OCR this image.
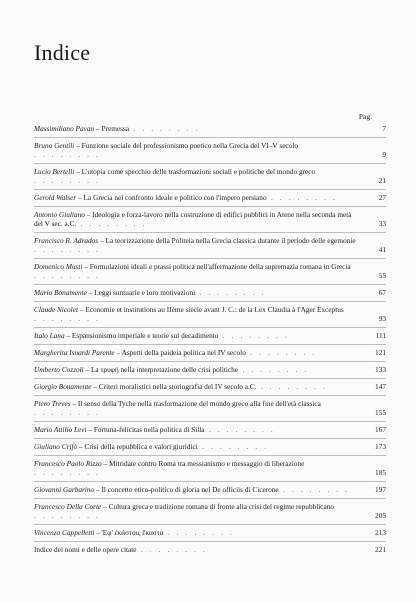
Indice
Pag.
Massimiliano Pavan – Premessa . . . . . . . .	7
Bruno Gentili – Funzione sociale del professionismo poetico nella Grecia del VI–V secolo . . . . . . . .	9
Lucio Bertelli – L'utopia come specchio delle trasformazioni sociali e politiche del mondo greco . . . . . . . .	21
Gerold Walser – La Grecia nel confronto ideale e politico con l'impero persiano . . . . . . . .	27
Antonio Giuliano – Ideologia e forza-lavoro nella costruzione di edifici pubblici in Atene nella seconda metà del V sec. a.C. . . . . . . . .	33
Francisco R. Adrados – La teorizzazione della Politeia nella Grecia classica durante il periodo delle egemonie . . . . . . . .	41
Domenico Musti – Formulazioni ideali e prassi politica nell'affermazione della supremazia romana in Grecia . . . . . . . .	55
Mario Bonamente – Leggi suntuarie e loro motivazioni . . . . . . . .	67
Claude Nicolet – Economie et institutions au IIème siècle avant J. C.: de la Lex Claudia à l'Ager Exceptus . . . . . . . .	93
Italo Lana – Espansionismo imperiale e teorie sul decadimento . . . . . . . .	111
Margherita Isnardi Parente – Aspetti della paideia politica nel IV secolo . . . . . . . .	121
Umberto Cozzoli – La τρυφή nella interpretazione delle crisi politiche . . . . . . . .	133
Giorgio Bonamente – Criteri moralistici nella storiografia del IV secolo a.C. . . . . . . . .	147
Piero Treves – Il senso della Tyche nella trasformazione del mondo greco alla fine dell'età classica . . . . . . . .	155
Mario Attilio Levi – Fortuna-felicitas nella politica di Silla . . . . . . . .	167
Giuliano Crifò – Crisi della repubblica e valori giuridici . . . . . . . .	173
Francesco Paolo Rizzo – Mitridate contro Roma tra messianismo e messaggio di liberazione . . . . . . . .	185
Giovanni Garbarino – Il concetto etico-politico di gloria nel De officiis di Cicerone . . . . . . . .	197
Francesco Della Corte – Cultura greca e tradizione romana di fronte alla crisi del regime repubblicano . . . . . . . .	205
Vincenzo Cappelletti – Ἐφ' ἑκάστοις ἔκαστα . . . . . . . .	213
Indice dei nomi e delle opere citate . . . . . . . .	221
